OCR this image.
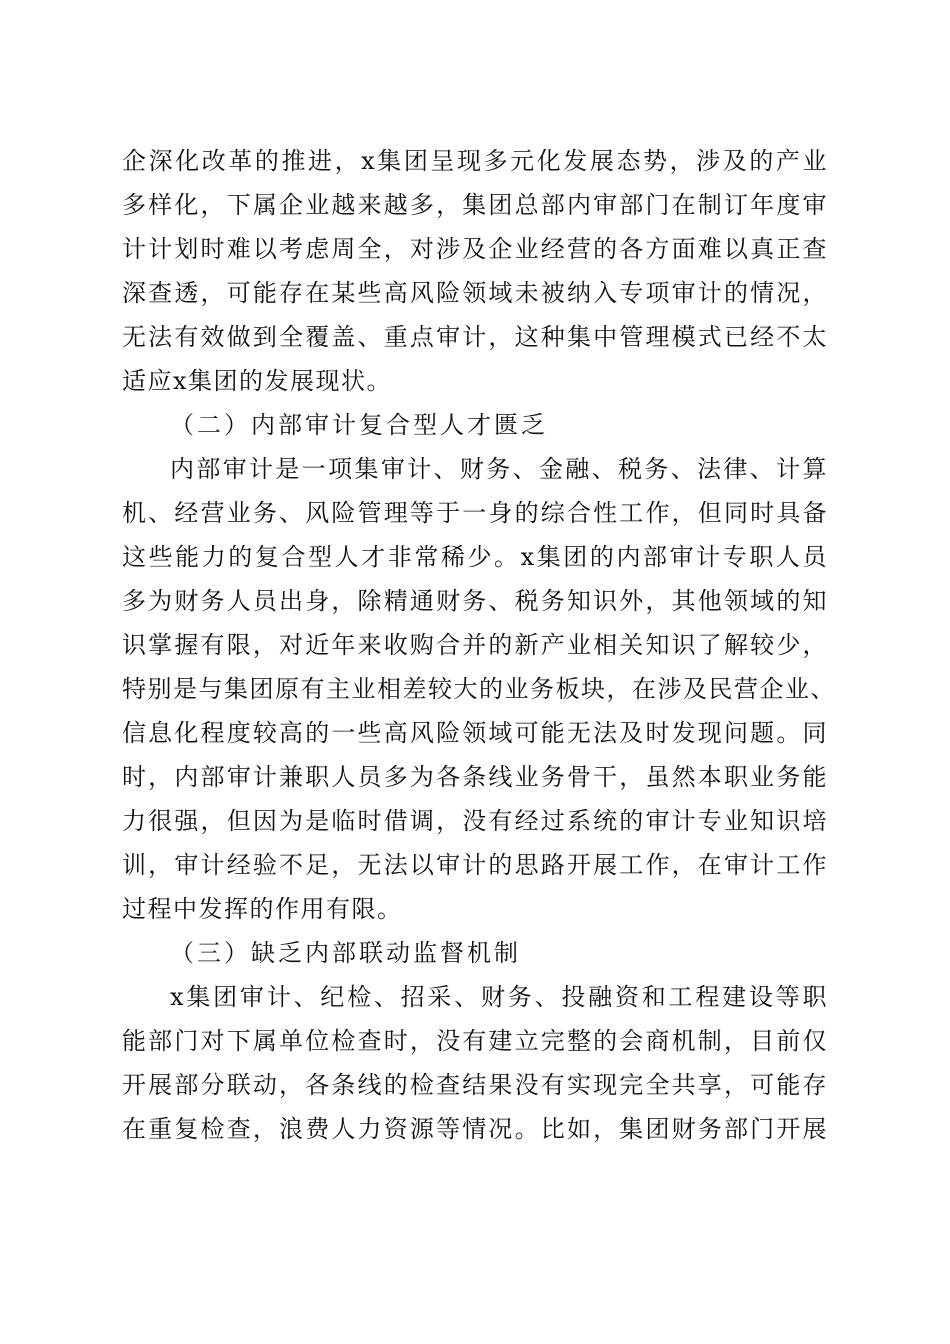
企深化改革的推进，x集团呈现多元化发展态势，涉及的产业
多样化，下属企业越来越多，集团总部内审部门在制订年度审
计计划时难以考虑周全，对涉及企业经营的各方面难以真正查
深查透，可能存在某些高风险领域未被纳入专项审计的情况，
无法有效做到全覆盖、重点审计，这种集中管理模式已经不太
适应x集团的发展现状。
（二）内部审计复合型人才匮乏
内部审计是一项集审计、财务、金融、税务、法律、计算
机、经营业务、风险管理等于一身的综合性工作，但同时具备
这些能力的复合型人才非常稀少。x集团的内部审计专职人员
多为财务人员出身，除精通财务、税务知识外，其他领域的知
识掌握有限，对近年来收购合并的新产业相关知识了解较少，
特别是与集团原有主业相差较大的业务板块，在涉及民营企业、
信息化程度较高的一些高风险领域可能无法及时发现问题。同
时，内部审计兼职人员多为各条线业务骨干，虽然本职业务能
力很强，但因为是临时借调，没有经过系统的审计专业知识培
训，审计经验不足，无法以审计的思路开展工作，在审计工作
过程中发挥的作用有限。
（三）缺乏内部联动监督机制
x集团审计、纪检、招采、财务、投融资和工程建设等职
能部门对下属单位检查时，没有建立完整的会商机制，目前仅
开展部分联动，各条线的检查结果没有实现完全共享，可能存
在重复检查，浪费人力资源等情况。比如，集团财务部门开展
